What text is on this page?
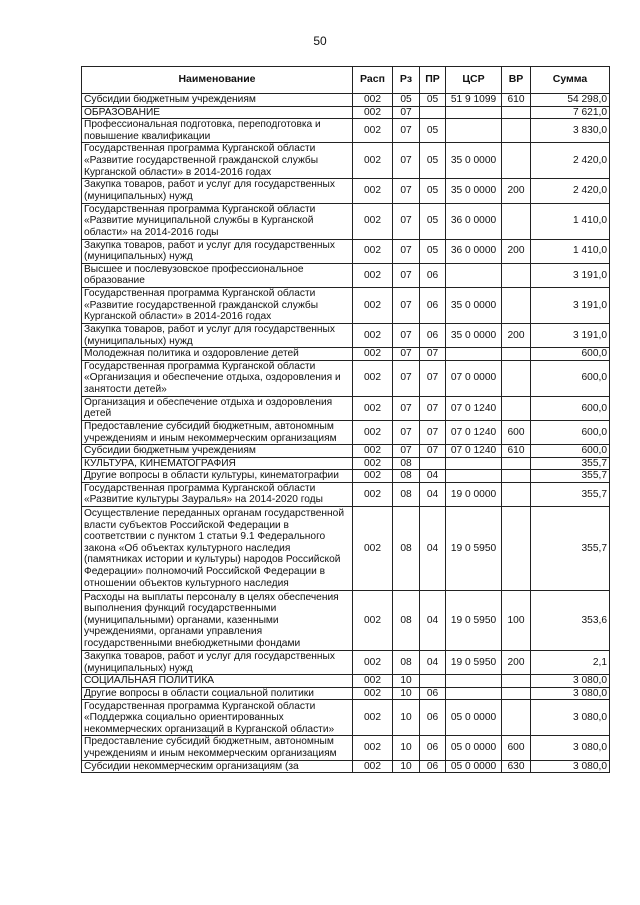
50
Наименование	Расп	Рз	ПР	ЦСР	ВР	Сумма
Субсидии бюджетным учреждениям	002	05	05	51 9 1099	610	54 298,0
ОБРАЗОВАНИЕ	002	07				7 621,0
Профессиональная подготовка, переподготовка и повышение квалификации	002	07	05			3 830,0
Государственная программа Курганской области «Развитие государственной гражданской службы Курганской области» в 2014-2016 годах	002	07	05	35 0 0000		2 420,0
Закупка товаров, работ и услуг для государственных (муниципальных) нужд	002	07	05	35 0 0000	200	2 420,0
Государственная программа Курганской области «Развитие муниципальной службы в Курганской области» на 2014-2016 годы	002	07	05	36 0 0000		1 410,0
Закупка товаров, работ и услуг для государственных (муниципальных) нужд	002	07	05	36 0 0000	200	1 410,0
Высшее и послевузовское профессиональное образование	002	07	06			3 191,0
Государственная программа Курганской области «Развитие государственной гражданской службы Курганской области» в 2014-2016 годах	002	07	06	35 0 0000		3 191,0
Закупка товаров, работ и услуг для государственных (муниципальных) нужд	002	07	06	35 0 0000	200	3 191,0
Молодежная политика и оздоровление детей	002	07	07			600,0
Государственная программа Курганской области «Организация и обеспечение отдыха, оздоровления и занятости детей»	002	07	07	07 0 0000		600,0
Организация и обеспечение отдыха и оздоровления детей	002	07	07	07 0 1240		600,0
Предоставление субсидий бюджетным, автономным учреждениям и иным некоммерческим организациям	002	07	07	07 0 1240	600	600,0
Субсидии бюджетным учреждениям	002	07	07	07 0 1240	610	600,0
КУЛЬТУРА, КИНЕМАТОГРАФИЯ	002	08				355,7
Другие вопросы в области культуры, кинематографии	002	08	04			355,7
Государственная программа Курганской области «Развитие культуры Зауралья» на 2014-2020 годы	002	08	04	19 0 0000		355,7
Осуществление переданных органам государственной власти субъектов Российской Федерации в соответствии с пунктом 1 статьи 9.1 Федерального закона «Об объектах культурного наследия (памятниках истории и культуры) народов Российской Федерации» полномочий Российской Федерации в отношении объектов культурного наследия	002	08	04	19 0 5950		355,7
Расходы на выплаты персоналу в целях обеспечения выполнения функций государственными (муниципальными) органами, казенными учреждениями, органами управления государственными внебюджетными фондами	002	08	04	19 0 5950	100	353,6
Закупка товаров, работ и услуг для государственных (муниципальных) нужд	002	08	04	19 0 5950	200	2,1
СОЦИАЛЬНАЯ ПОЛИТИКА	002	10				3 080,0
Другие вопросы в области социальной политики	002	10	06			3 080,0
Государственная программа Курганской области «Поддержка социально ориентированных некоммерческих организаций в Курганской области»	002	10	06	05 0 0000		3 080,0
Предоставление субсидий бюджетным, автономным учреждениям и иным некоммерческим организациям	002	10	06	05 0 0000	600	3 080,0
Субсидии некоммерческим организациям (за	002	10	06	05 0 0000	630	3 080,0
